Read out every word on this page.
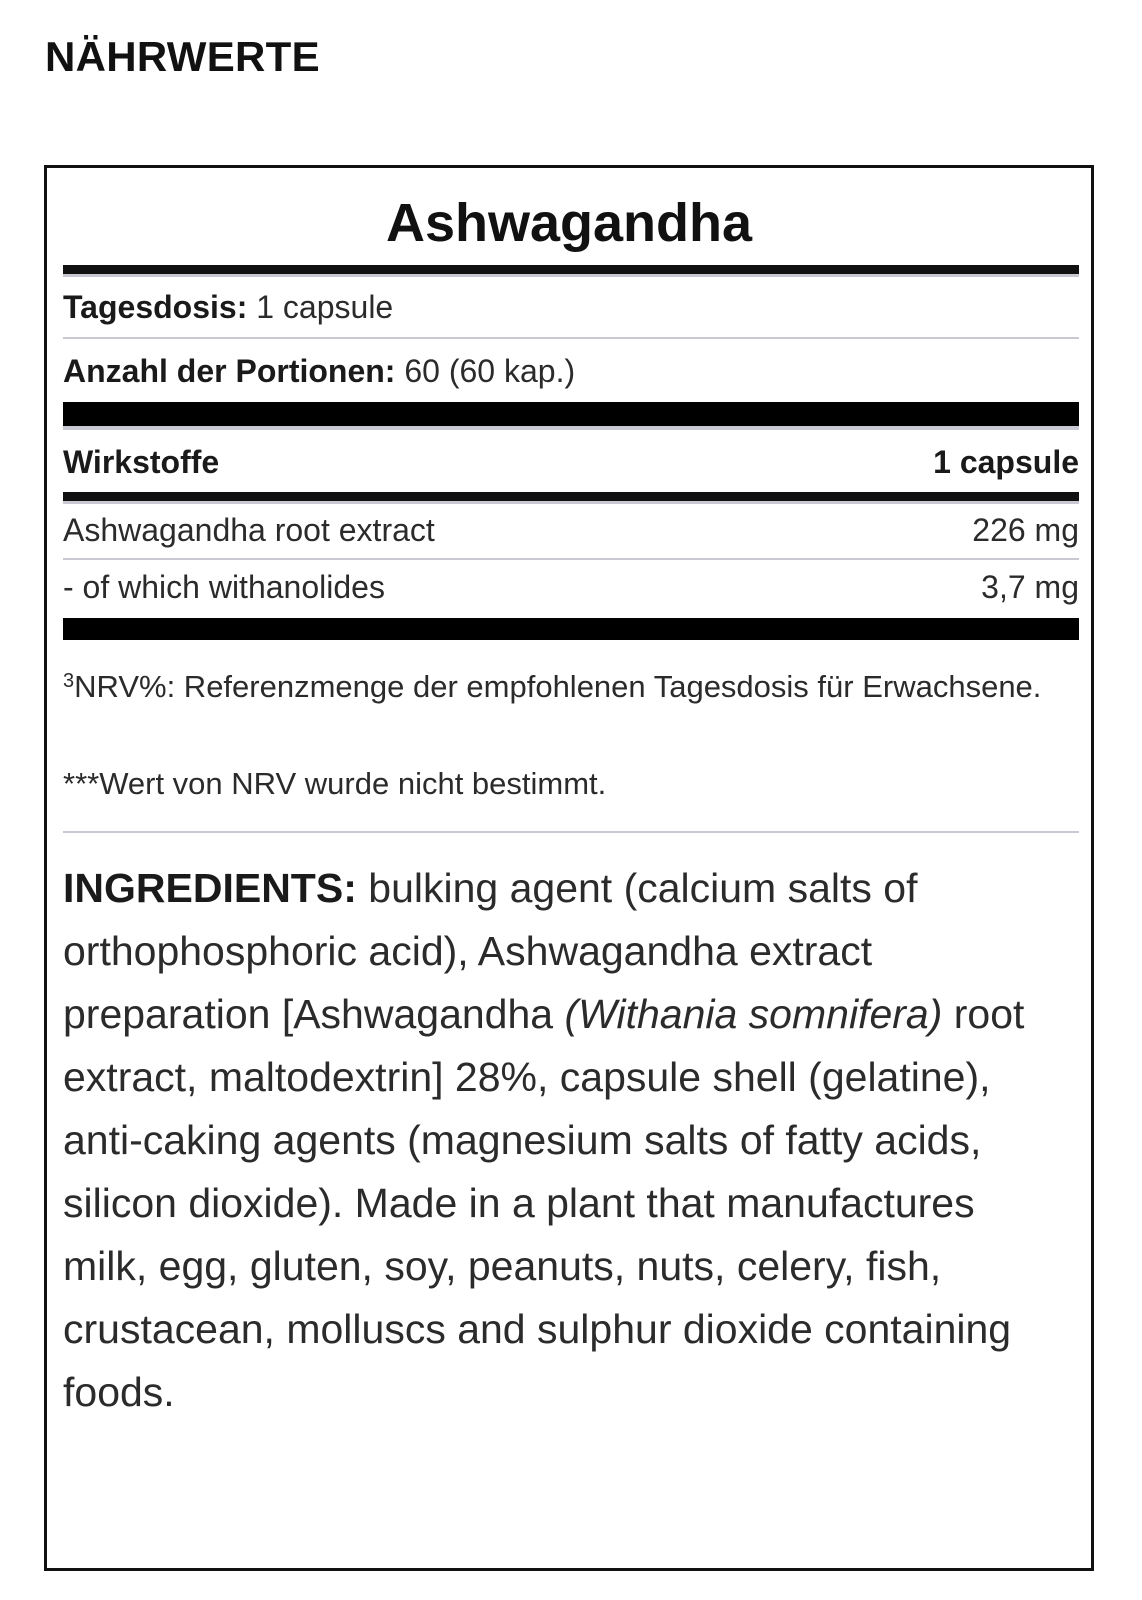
NÄHRWERTE
Ashwagandha
Tagesdosis: 1 capsule
Anzahl der Portionen: 60 (60 kap.)
Wirkstoffe	1 capsule
Ashwagandha root extract	226 mg
- of which withanolides	3,7 mg
$^3$NRV%: Referenzmenge der empfohlenen Tagesdosis für Erwachsene.
***Wert von NRV wurde nicht bestimmt.

INGREDIENTS: bulking agent (calcium salts of orthophosphoric acid), Ashwagandha extract preparation [Ashwagandha (Withania somnifera) root extract, maltodextrin] 28%, capsule shell (gelatine), anti-caking agents (magnesium salts of fatty acids, silicon dioxide). Made in a plant that manufactures milk, egg, gluten, soy, peanuts, nuts, celery, fish, crustacean, molluscs and sulphur dioxide containing foods.
